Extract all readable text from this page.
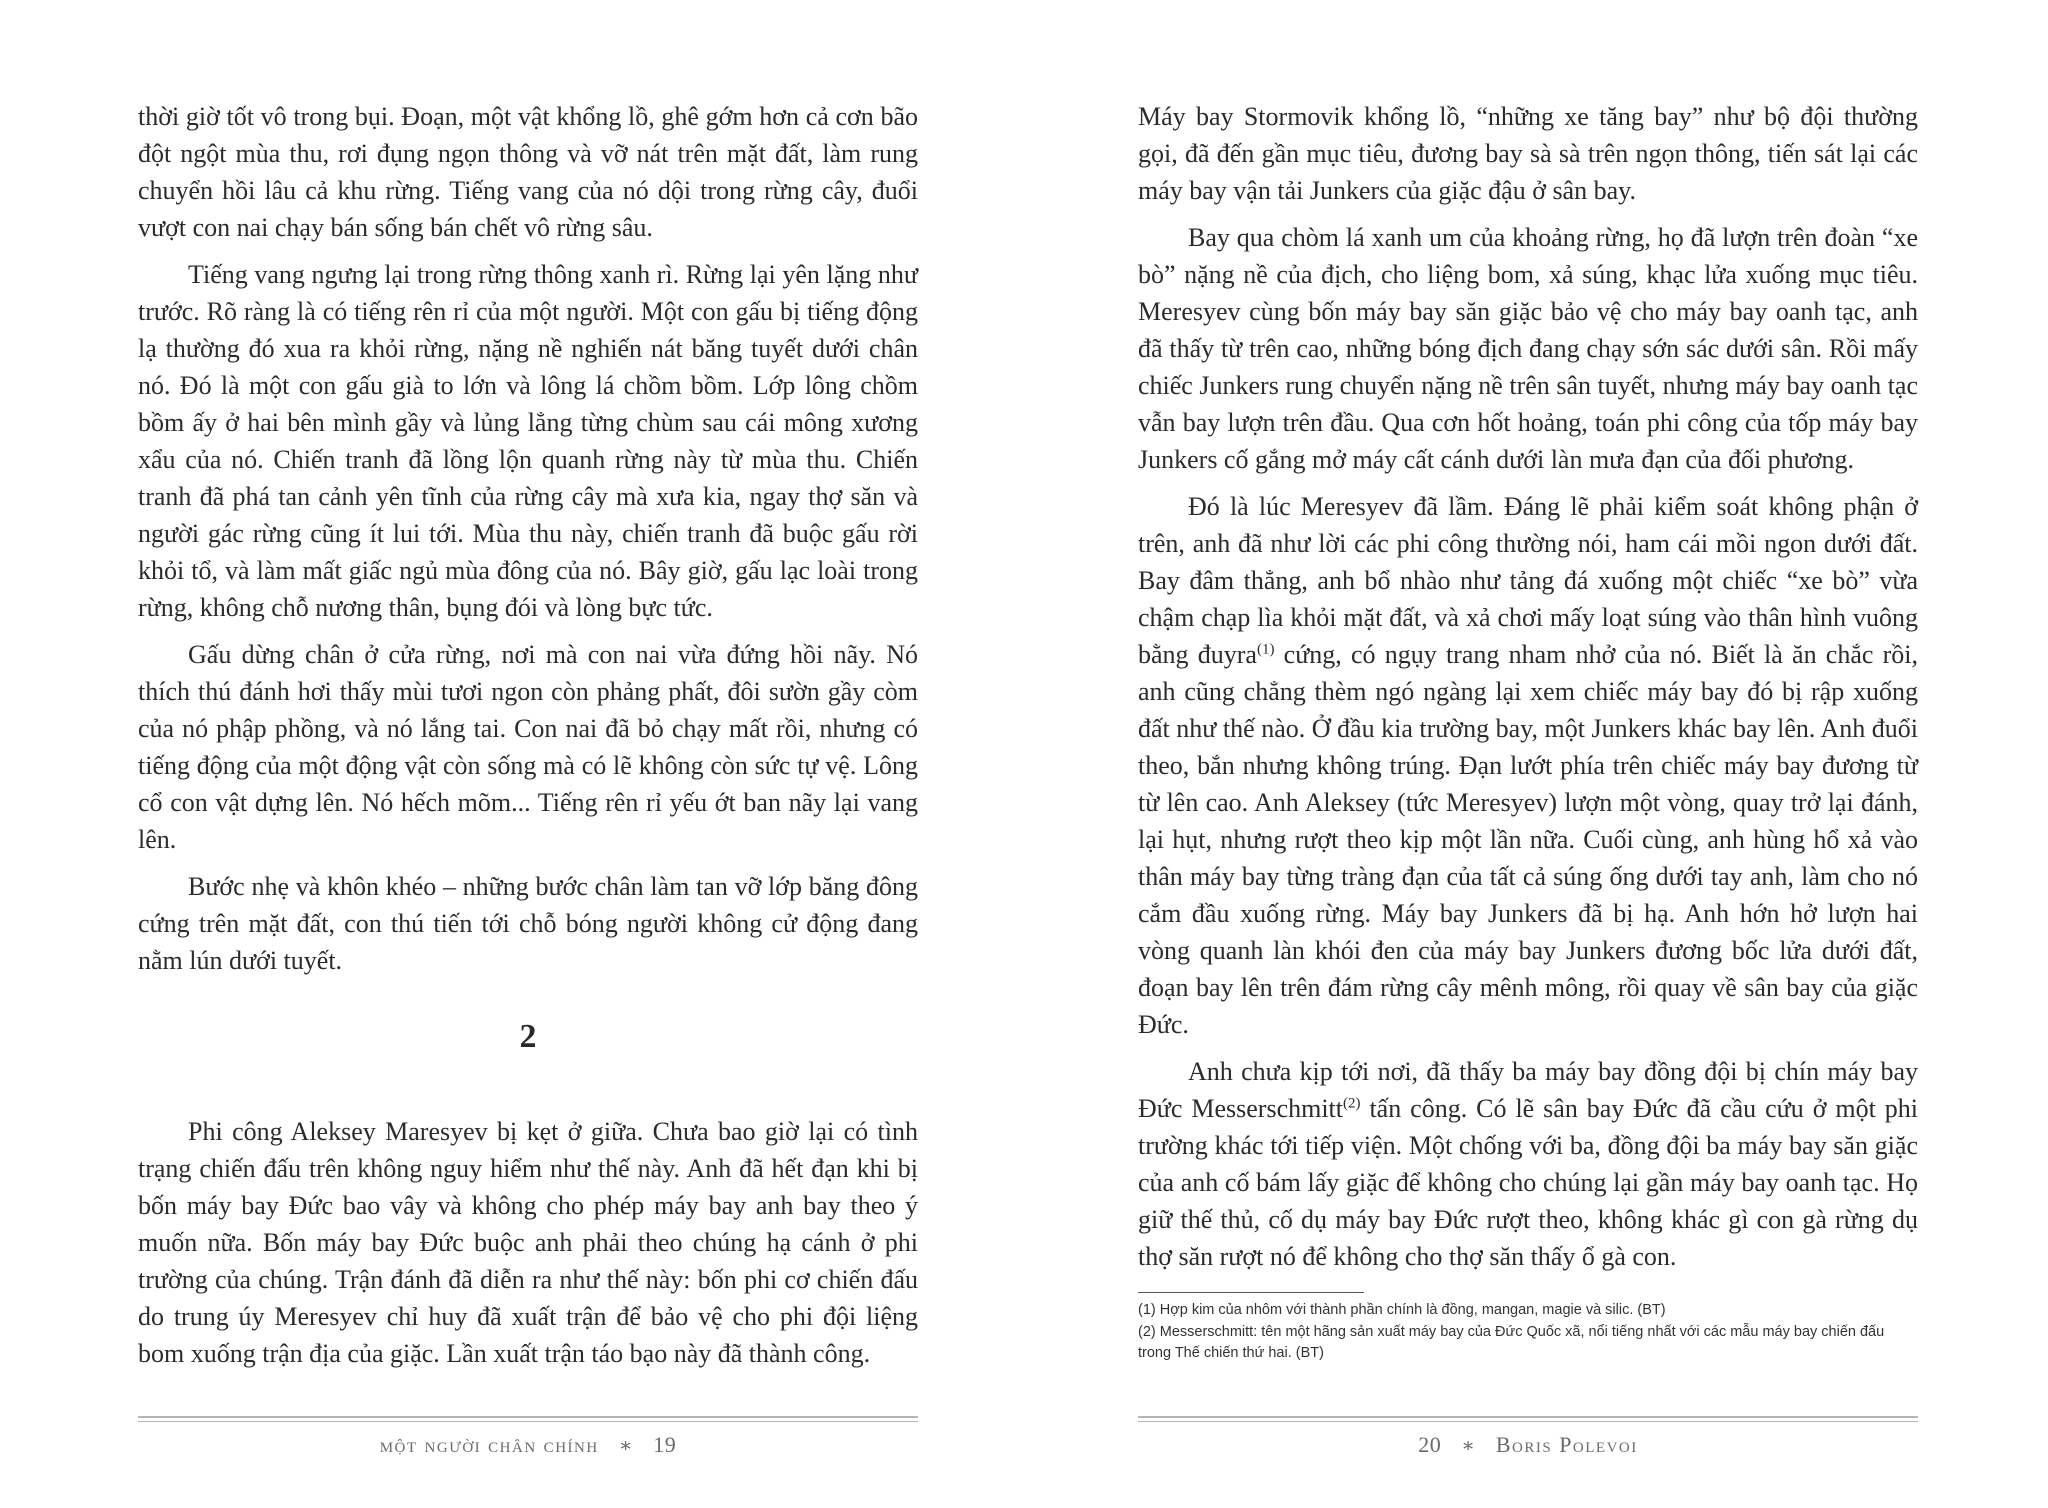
thời giờ tốt vô trong bụi. Đoạn, một vật khổng lồ, ghê gớm hơn cả cơn bão đột ngột mùa thu, rơi đụng ngọn thông và vỡ nát trên mặt đất, làm rung chuyển hồi lâu cả khu rừng. Tiếng vang của nó dội trong rừng cây, đuổi vượt con nai chạy bán sống bán chết vô rừng sâu.

Tiếng vang ngưng lại trong rừng thông xanh rì. Rừng lại yên lặng như trước. Rõ ràng là có tiếng rên rỉ của một người. Một con gấu bị tiếng động lạ thường đó xua ra khỏi rừng, nặng nề nghiến nát băng tuyết dưới chân nó. Đó là một con gấu già to lớn và lông lá chồm bồm. Lớp lông chồm bồm ấy ở hai bên mình gầy và lủng lẳng từng chùm sau cái mông xương xẩu của nó. Chiến tranh đã lồng lộn quanh rừng này từ mùa thu. Chiến tranh đã phá tan cảnh yên tĩnh của rừng cây mà xưa kia, ngay thợ săn và người gác rừng cũng ít lui tới. Mùa thu này, chiến tranh đã buộc gấu rời khỏi tổ, và làm mất giấc ngủ mùa đông của nó. Bây giờ, gấu lạc loài trong rừng, không chỗ nương thân, bụng đói và lòng bực tức.

Gấu dừng chân ở cửa rừng, nơi mà con nai vừa đứng hồi nãy. Nó thích thú đánh hơi thấy mùi tươi ngon còn phảng phất, đôi sườn gầy còm của nó phập phồng, và nó lắng tai. Con nai đã bỏ chạy mất rồi, nhưng có tiếng động của một động vật còn sống mà có lẽ không còn sức tự vệ. Lông cổ con vật dựng lên. Nó hếch mõm... Tiếng rên rỉ yếu ớt ban nãy lại vang lên.

Bước nhẹ và khôn khéo – những bước chân làm tan vỡ lớp băng đông cứng trên mặt đất, con thú tiến tới chỗ bóng người không cử động đang nằm lún dưới tuyết.

2

Phi công Aleksey Maresyev bị kẹt ở giữa. Chưa bao giờ lại có tình trạng chiến đấu trên không nguy hiểm như thế này. Anh đã hết đạn khi bị bốn máy bay Đức bao vây và không cho phép máy bay anh bay theo ý muốn nữa. Bốn máy bay Đức buộc anh phải theo chúng hạ cánh ở phi trường của chúng. Trận đánh đã diễn ra như thế này: bốn phi cơ chiến đấu do trung úy Meresyev chỉ huy đã xuất trận để bảo vệ cho phi đội liệng bom xuống trận địa của giặc. Lần xuất trận táo bạo này đã thành công.

một người chân chính ∗ 19

Máy bay Stormovik khổng lồ, “những xe tăng bay” như bộ đội thường gọi, đã đến gần mục tiêu, đương bay sà sà trên ngọn thông, tiến sát lại các máy bay vận tải Junkers của giặc đậu ở sân bay.

Bay qua chòm lá xanh um của khoảng rừng, họ đã lượn trên đoàn “xe bò” nặng nề của địch, cho liệng bom, xả súng, khạc lửa xuống mục tiêu. Meresyev cùng bốn máy bay săn giặc bảo vệ cho máy bay oanh tạc, anh đã thấy từ trên cao, những bóng địch đang chạy sớn sác dưới sân. Rồi mấy chiếc Junkers rung chuyển nặng nề trên sân tuyết, nhưng máy bay oanh tạc vẫn bay lượn trên đầu. Qua cơn hốt hoảng, toán phi công của tốp máy bay Junkers cố gắng mở máy cất cánh dưới làn mưa đạn của đối phương.

Đó là lúc Meresyev đã lầm. Đáng lẽ phải kiểm soát không phận ở trên, anh đã như lời các phi công thường nói, ham cái mồi ngon dưới đất. Bay đâm thẳng, anh bổ nhào như tảng đá xuống một chiếc “xe bò” vừa chậm chạp lìa khỏi mặt đất, và xả chơi mấy loạt súng vào thân hình vuông bằng đuyra$^{(1)}$ cứng, có ngụy trang nham nhở của nó. Biết là ăn chắc rồi, anh cũng chẳng thèm ngó ngàng lại xem chiếc máy bay đó bị rập xuống đất như thế nào. Ở đầu kia trường bay, một Junkers khác bay lên. Anh đuổi theo, bắn nhưng không trúng. Đạn lướt phía trên chiếc máy bay đương từ từ lên cao. Anh Aleksey (tức Meresyev) lượn một vòng, quay trở lại đánh, lại hụt, nhưng rượt theo kịp một lần nữa. Cuối cùng, anh hùng hổ xả vào thân máy bay từng tràng đạn của tất cả súng ống dưới tay anh, làm cho nó cắm đầu xuống rừng. Máy bay Junkers đã bị hạ. Anh hớn hở lượn hai vòng quanh làn khói đen của máy bay Junkers đương bốc lửa dưới đất, đoạn bay lên trên đám rừng cây mênh mông, rồi quay về sân bay của giặc Đức.

Anh chưa kịp tới nơi, đã thấy ba máy bay đồng đội bị chín máy bay Đức Messerschmitt$^{(2)}$ tấn công. Có lẽ sân bay Đức đã cầu cứu ở một phi trường khác tới tiếp viện. Một chống với ba, đồng đội ba máy bay săn giặc của anh cố bám lấy giặc để không cho chúng lại gần máy bay oanh tạc. Họ giữ thế thủ, cố dụ máy bay Đức rượt theo, không khác gì con gà rừng dụ thợ săn rượt nó để không cho thợ săn thấy ổ gà con.

(1) Hợp kim của nhôm với thành phần chính là đồng, mangan, magie và silic. (BT)

(2) Messerschmitt: tên một hãng sản xuất máy bay của Đức Quốc xã, nổi tiếng nhất với các mẫu máy bay chiến đấu trong Thế chiến thứ hai. (BT)

20 ∗ Boris Polevoi
